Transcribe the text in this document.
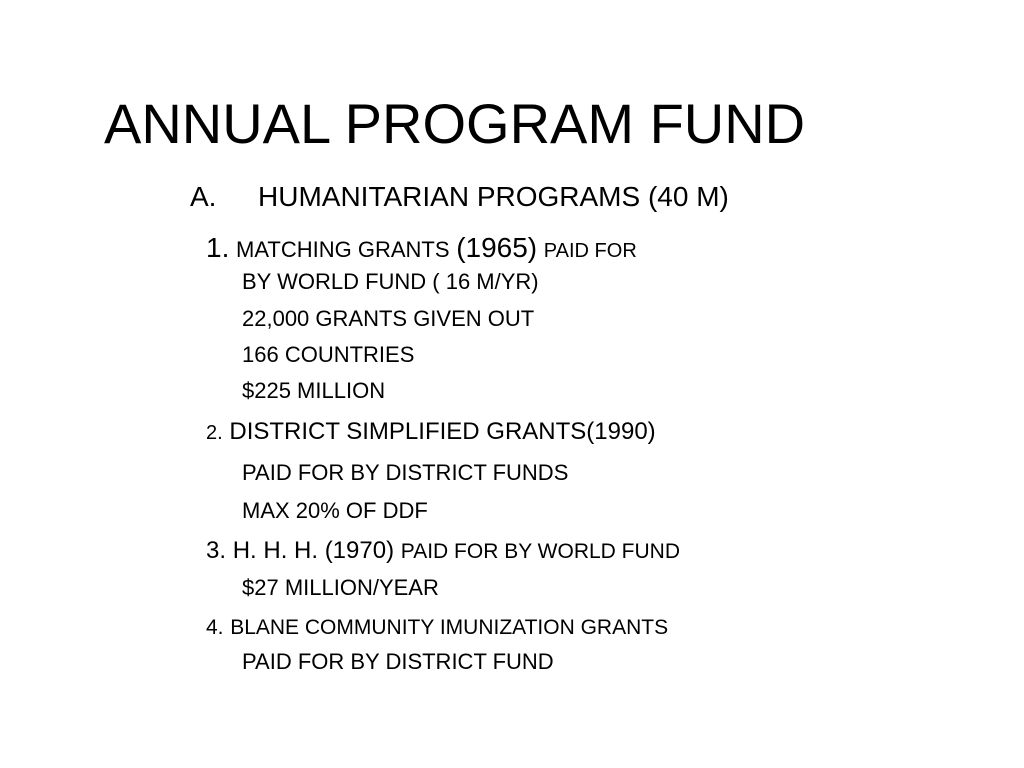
ANNUAL PROGRAM FUND
A. HUMANITARIAN PROGRAMS (40 M)
1. MATCHING GRANTS (1965) PAID FOR
BY WORLD FUND ( 16 M/YR)
22,000 GRANTS GIVEN OUT
166 COUNTRIES
$225 MILLION
2. DISTRICT SIMPLIFIED GRANTS(1990)
PAID FOR BY DISTRICT FUNDS
MAX 20% OF DDF
3. H. H. H. (1970) PAID FOR BY WORLD FUND
$27 MILLION/YEAR
4. BLANE COMMUNITY IMUNIZATION GRANTS
PAID FOR BY DISTRICT FUND
